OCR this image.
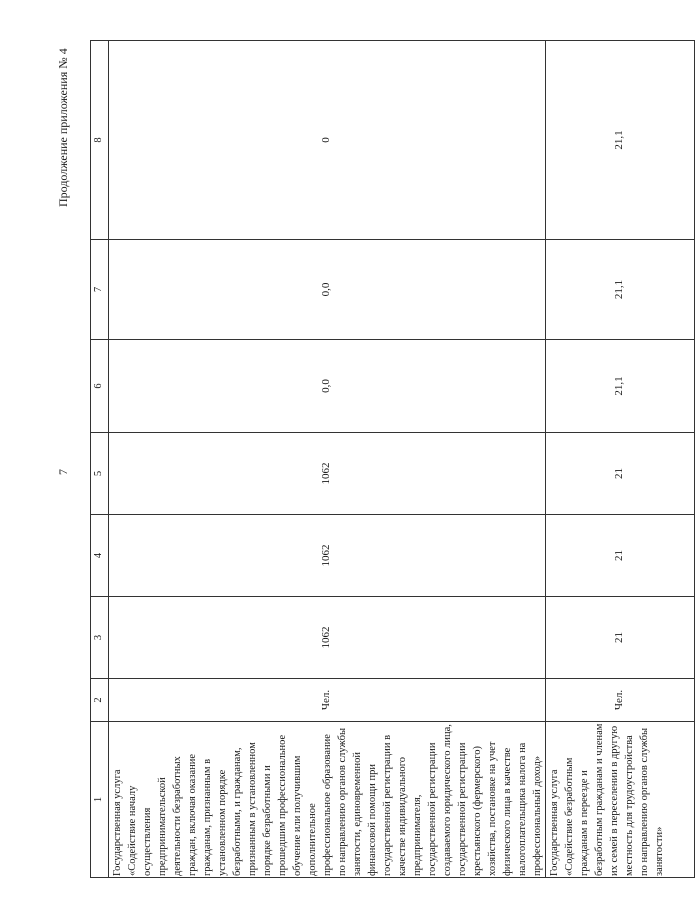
7
Продолжение приложения № 4
1	2	3	4	5	6	7	8
Государственная услуга «Содействие началу осуществления предпринимательской деятельности безработных граждан, включая оказание гражданам, признанным в установленном порядке безработными, и гражданам, признанным в установленном порядке безработными и прошедшим профессиональное обучение или получившим дополнительное профессиональное образование по направлению органов службы занятости, единовременной финансовой помощи при государственной регистрации в качестве индивидуального предпринимателя, государственной регистрации создаваемого юридического лица, государственной регистрации крестьянского (фермерского) хозяйства, постановке на учет физического лица в качестве налогоплательщика налога на профессиональный доход»	Чел.	1062	1062	1062	0,0	0,0	0
Государственная услуга «Содействие безработным гражданам в переезде и безработным гражданам и членам их семей в переселении в другую местность для трудоустройства по направлению органов службы занятости»	Чел.	21	21	21	21,1	21,1	21,1
